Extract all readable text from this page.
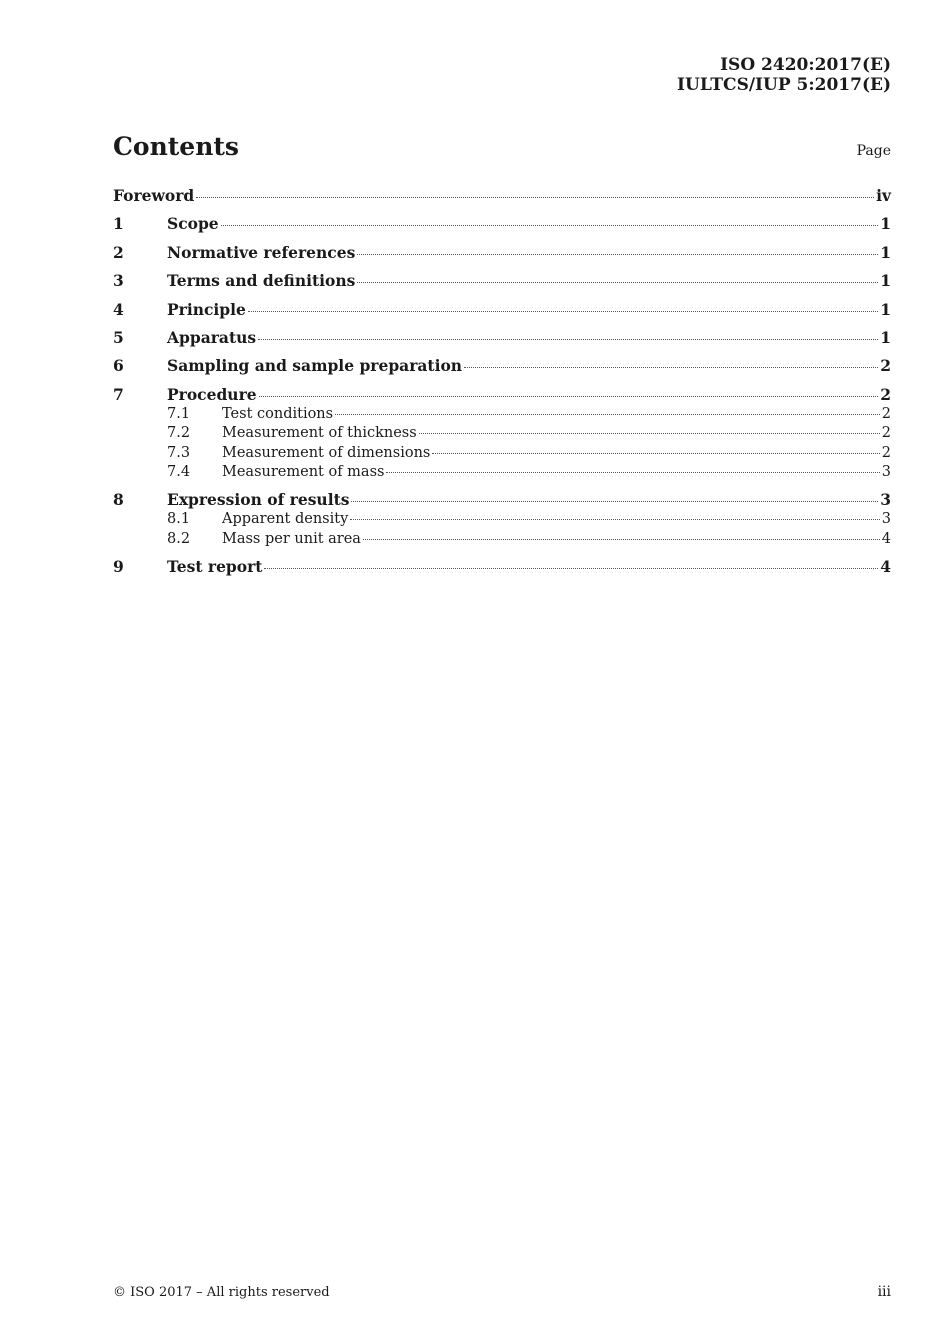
ISO 2420:2017(E)
IULTCS/IUP 5:2017(E)
Contents	Page
Foreword	iv
1	Scope	1
2	Normative references	1
3	Terms and definitions	1
4	Principle	1
5	Apparatus	1
6	Sampling and sample preparation	2
7	Procedure	2
7.1	Test conditions	2
7.2	Measurement of thickness	2
7.3	Measurement of dimensions	2
7.4	Measurement of mass	3
8	Expression of results	3
8.1	Apparent density	3
8.2	Mass per unit area	4
9	Test report	4
© ISO 2017 – All rights reserved	iii
